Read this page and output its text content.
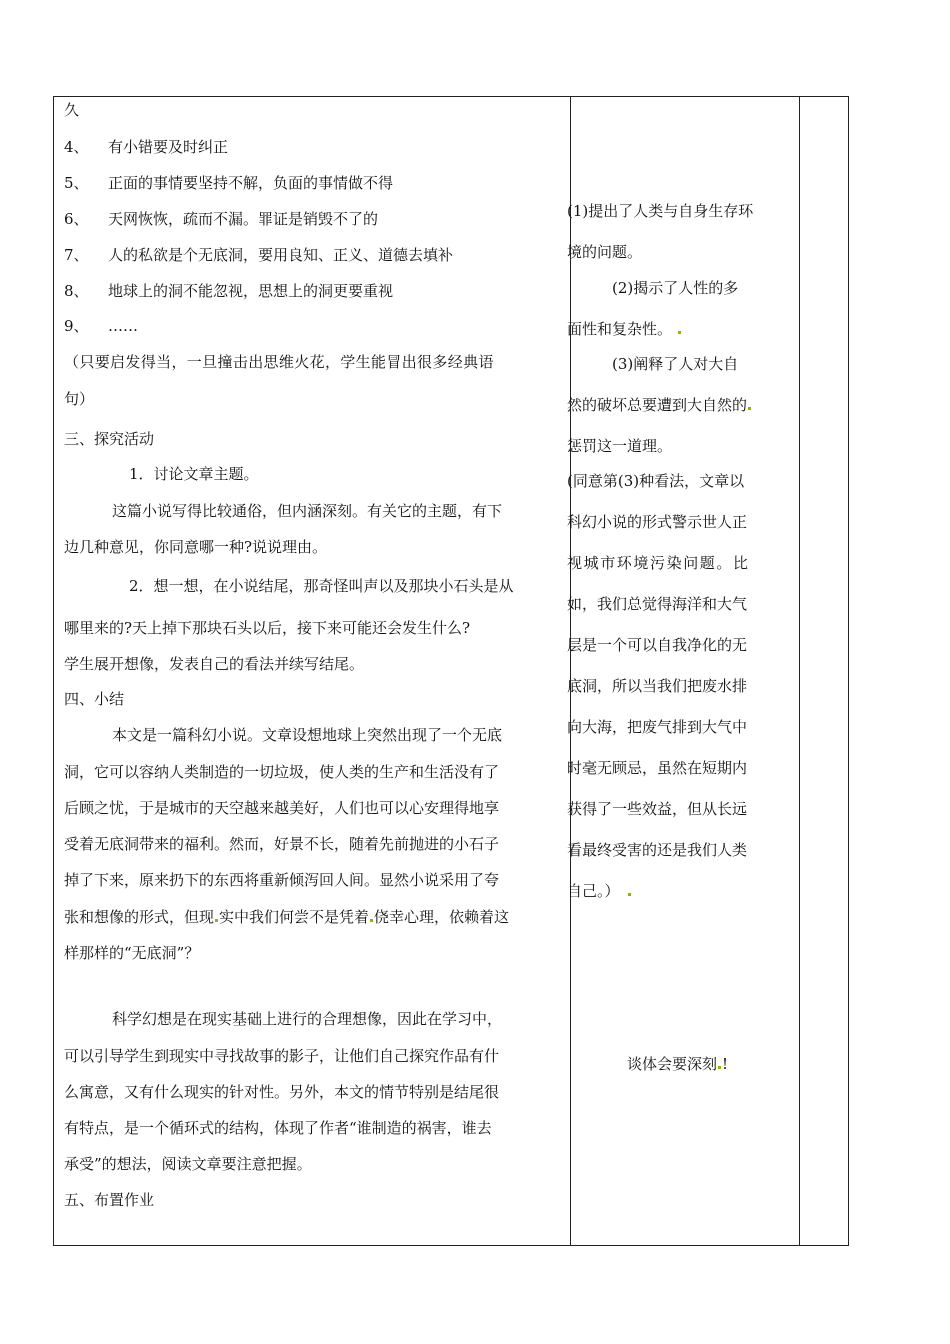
久
4、 有小错要及时纠正
5、 正面的事情要坚持不解，负面的事情做不得
6、 天网恢恢，疏而不漏。罪证是销毁不了的
7、 人的私欲是个无底洞，要用良知、正义、道德去填补
8、 地球上的洞不能忽视，思想上的洞更要重视
9、 ……
（只要启发得当，一旦撞击出思维火花，学生能冒出很多经典语
句）
三、探究活动
1．讨论文章主题。
这篇小说写得比较通俗，但内涵深刻。有关它的主题，有下
边几种意见，你同意哪一种?说说理由。
2．想一想，在小说结尾，那奇怪叫声以及那块小石头是从
哪里来的?天上掉下那块石头以后，接下来可能还会发生什么?
学生展开想像，发表自己的看法并续写结尾。
四、小结
本文是一篇科幻小说。文章设想地球上突然出现了一个无底
洞，它可以容纳人类制造的一切垃圾，使人类的生产和生活没有了
后顾之忧，于是城市的天空越来越美好，人们也可以心安理得地享
受着无底洞带来的福利。然而，好景不长，随着先前抛进的小石子
掉了下来，原来扔下的东西将重新倾泻回人间。显然小说采用了夸
张和想像的形式，但现 实中我们何尝不是凭着 侥幸心理，依赖着这
样那样的“无底洞”？
科学幻想是在现实基础上进行的合理想像，因此在学习中，
可以引导学生到现实中寻找故事的影子，让他们自己探究作品有什
么寓意，又有什么现实的针对性。另外，本文的情节特别是结尾很
有特点，是一个循环式的结构，体现了作者“谁制造的祸害，谁去
承受”的想法，阅读文章要注意把握。
五、布置作业
(1)提出了人类与自身生存环
境的问题。
(2)揭示了人性的多
面性和复杂性。
(3)阐释了人对大自
然的破坏总要遭到大自然的
惩罚这一道理。
(同意第(3)种看法，文章以
科幻小说的形式警示世人正
视城市环境污染问题。比
如，我们总觉得海洋和大气
层是一个可以自我净化的无
底洞，所以当我们把废水排
向大海，把废气排到大气中
时毫无顾忌，虽然在短期内
获得了一些效益，但从长远
看最终受害的还是我们人类
自己。）
谈体会要深刻 !
